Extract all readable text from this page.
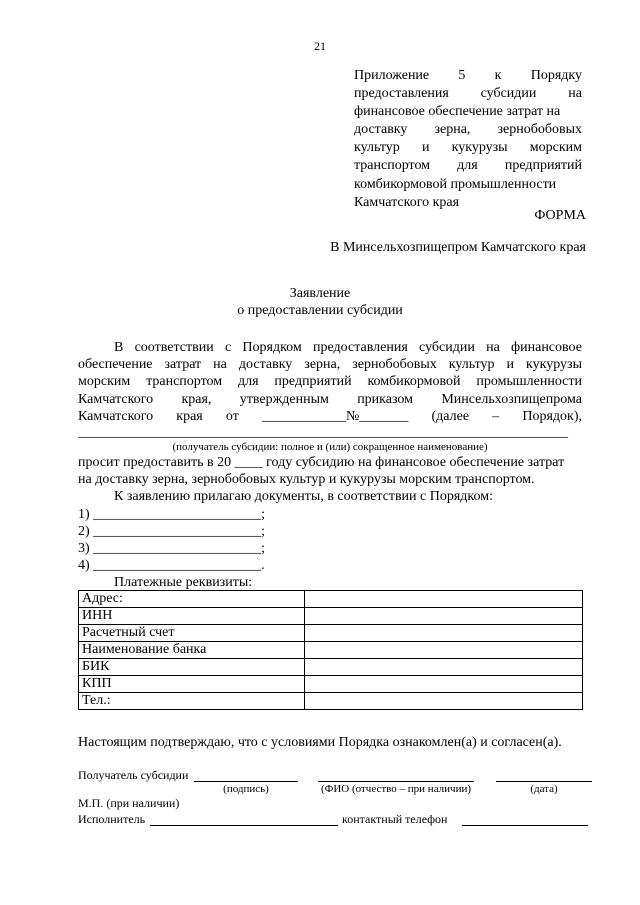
21
Приложение 5 к Порядку
предоставления субсидии на
финансовое обеспечение затрат на
доставку зерна, зернобобовых
культур и кукурузы морским
транспортом для предприятий
комбикормовой промышленности
Камчатского края
ФОРМА
В Минсельхозпищепром Камчатского края
Заявление
о предоставлении субсидии
В соответствии с Порядком предоставления субсидии на финансовое
обеспечение затрат на доставку зерна, зернобобовых культур и кукурузы
морским транспортом для предприятий комбикормовой промышленности
Камчатского края, утвержденным приказом Минсельхозпищепрома
Камчатского края от ____________№_______ (далее – Порядок),
______________________________________________________________________
(получатель субсидии: полное и (или) сокращенное наименование)
просит предоставить в 20 ____ году субсидию на финансовое обеспечение затрат
на доставку зерна, зернобобовых культур и кукурузы морским транспортом.
К заявлению прилагаю документы, в соответствии с Порядком:
1) ________________________;
2) ________________________;
3) ________________________;
4) ________________________.
Платежные реквизиты:
Адрес:	
ИНН	
Расчетный счет	
Наименование банка	
БИК	
КПП	
Тел.:	
Настоящим подтверждаю, что с условиями Порядка ознакомлен(а) и согласен(а).
Получатель субсидии
(подпись)	(ФИО (отчество – при наличии)	(дата)
М.П. (при наличии)
Исполнитель	контактный телефон
